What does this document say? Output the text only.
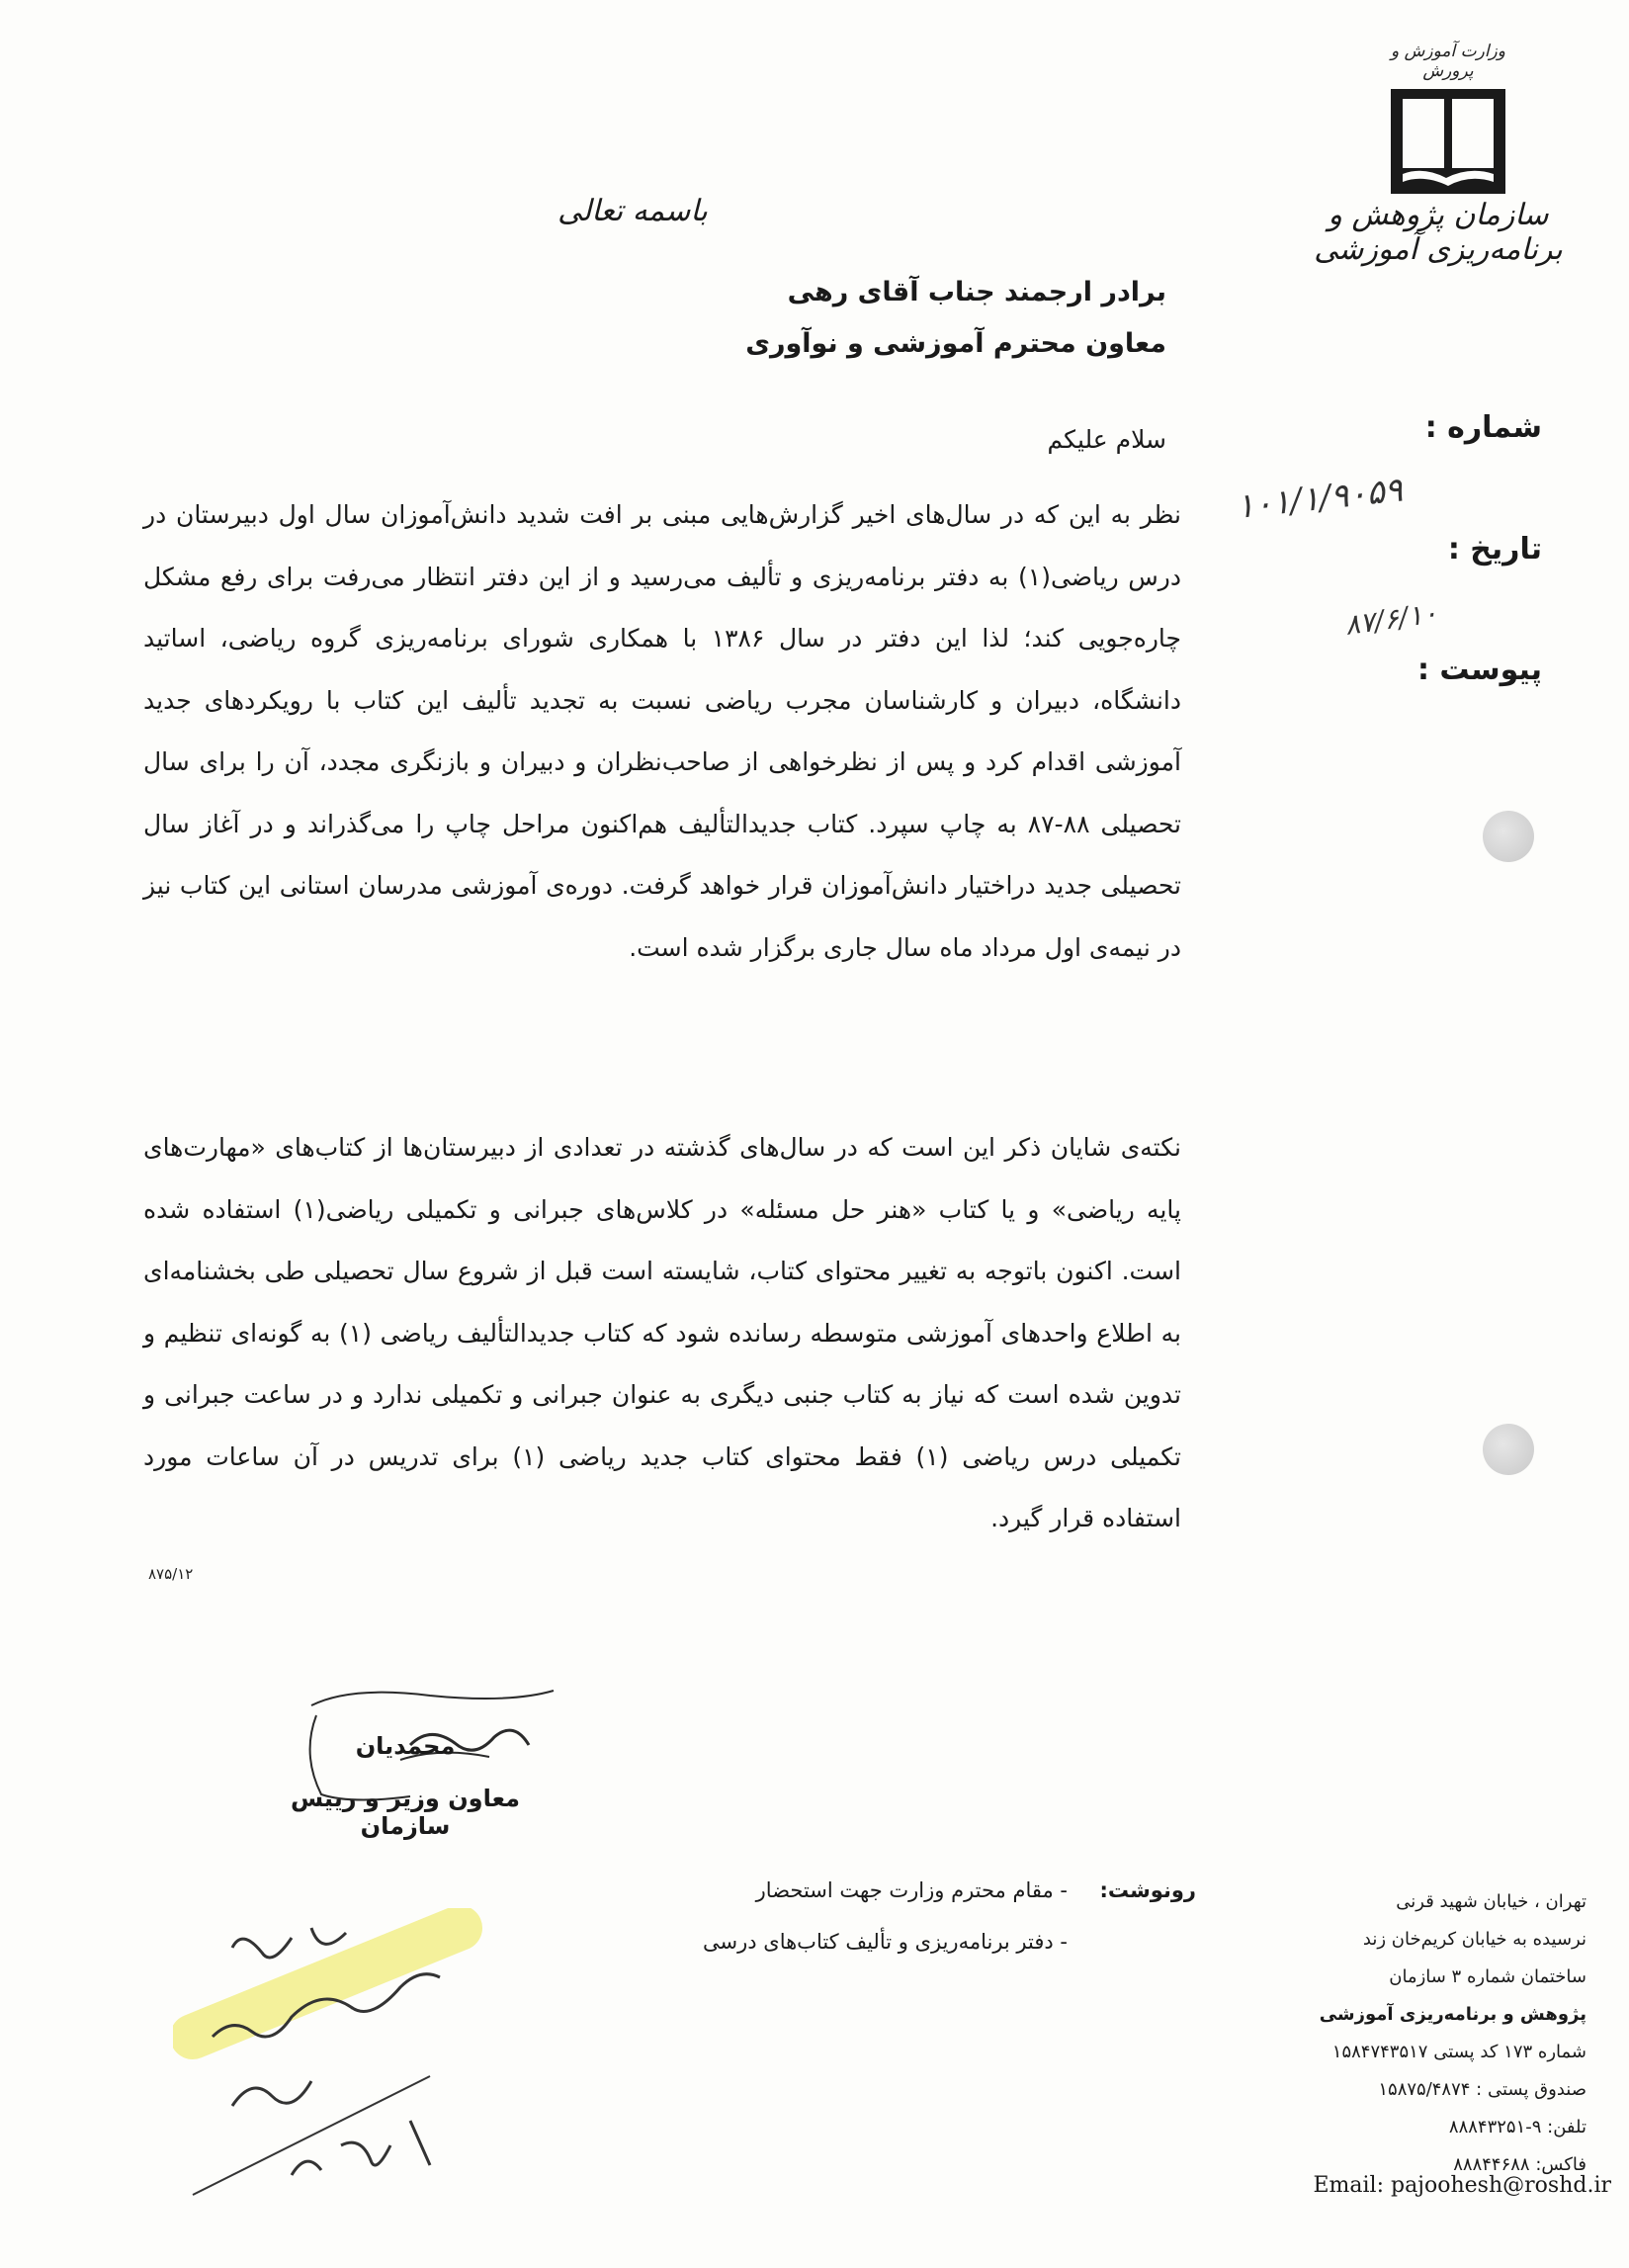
وزارت آموزش و پرورش
سازمان پژوهش و برنامه‌ریزی آموزشی
باسمه تعالی
برادر ارجمند جناب آقای رهی
معاون محترم آموزشی و نوآوری
شماره :
۱۰۱/۱/۹۰۵۹
تاریخ :
۸۷/۶/۱۰
پیوست :
سلام علیکم
نظر به این که در سال‌های اخیر گزارش‌هایی مبنی بر افت شدید دانش‌آموزان سال اول دبیرستان در درس ریاضی(۱) به دفتر برنامه‌ریزی و تألیف می‌رسید و از این دفتر انتظار می‌رفت برای رفع مشکل چاره‌جویی کند؛ لذا این دفتر در سال ۱۳۸۶ با همکاری شورای برنامه‌ریزی گروه ریاضی، اساتید دانشگاه، دبیران و کارشناسان مجرب ریاضی نسبت به تجدید تألیف این کتاب با رویکردهای جدید آموزشی اقدام کرد و پس از نظرخواهی از صاحب‌نظران و دبیران و بازنگری مجدد، آن را برای سال تحصیلی ۸۸-۸۷ به چاپ سپرد. کتاب جدیدالتألیف هم‌اکنون مراحل چاپ را می‌گذراند و در آغاز سال تحصیلی جدید دراختیار دانش‌آموزان قرار خواهد گرفت. دوره‌ی آموزشی مدرسان استانی این کتاب نیز در نیمه‌ی اول مرداد ماه سال جاری برگزار شده است.
نکته‌ی شایان ذکر این است که در سال‌های گذشته در تعدادی از دبیرستان‌ها از کتاب‌های «مهارت‌های پایه ریاضی» و یا کتاب «هنر حل مسئله» در کلاس‌های جبرانی و تکمیلی ریاضی(۱) استفاده شده است. اکنون باتوجه به تغییر محتوای کتاب، شایسته است قبل از شروع سال تحصیلی طی بخشنامه‌ای به اطلاع واحدهای آموزشی متوسطه رسانده شود که کتاب جدیدالتألیف ریاضی (۱) به گونه‌ای تنظیم و تدوین شده است که نیاز به کتاب جنبی دیگری به عنوان جبرانی و تکمیلی ندارد و در ساعت جبرانی و تکمیلی درس ریاضی (۱) فقط محتوای کتاب جدید ریاضی (۱) برای تدریس در آن ساعات مورد استفاده قرار گیرد.
۸۷۵/۱۲
محمدیان
معاون وزیر و رییس سازمان
رونوشت:
- مقام محترم وزارت جهت استحضار
- دفتر برنامه‌ریزی و تألیف کتاب‌های درسی
تهران ، خیابان شهید قرنی
نرسیده به خیابان کریم‌خان زند
ساختمان شماره ۳ سازمان
پژوهش و برنامه‌ریزی آموزشی
شماره ۱۷۳ کد پستی ۱۵۸۴۷۴۳۵۱۷
صندوق پستی : ۱۵۸۷۵/۴۸۷۴
تلفن: ۹-۸۸۸۴۳۲۵۱
فاکس: ۸۸۸۴۴۶۸۸
Email: pajoohesh@roshd.ir
